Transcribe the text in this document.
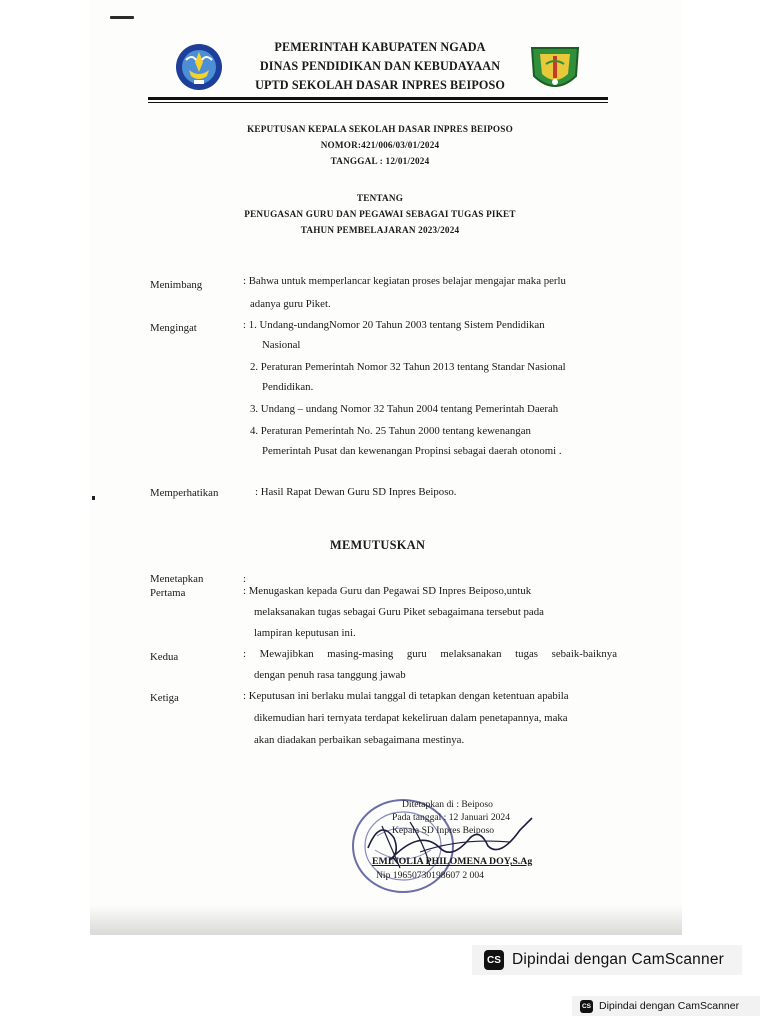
PEMERINTAH KABUPATEN NGADA
DINAS PENDIDIKAN DAN KEBUDAYAAN
UPTD SEKOLAH DASAR INPRES BEIPOSO
KEPUTUSAN KEPALA SEKOLAH DASAR INPRES BEIPOSO
NOMOR:421/006/03/01/2024
TANGGAL : 12/01/2024
TENTANG
PENUGASAN GURU DAN PEGAWAI SEBAGAI TUGAS PIKET
TAHUN PEMBELAJARAN 2023/2024
Menimbang	: Bahwa untuk memperlancar kegiatan proses belajar mengajar maka perlu
adanya guru Piket.
Mengingat	: 1. Undang-undangNomor 20 Tahun 2003 tentang Sistem Pendidikan
Nasional
2. Peraturan Pemerintah Nomor 32 Tahun 2013 tentang Standar Nasional
Pendidikan.
3. Undang – undang Nomor 32 Tahun 2004 tentang Pemerintah Daerah
4. Peraturan Pemerintah No. 25 Tahun 2000 tentang kewenangan
Pemerintah Pusat dan kewenangan Propinsi sebagai daerah otonomi .
Memperhatikan	: Hasil Rapat Dewan Guru SD Inpres Beiposo.
MEMUTUSKAN
Menetapkan	:
Pertama	: Menugaskan kepada Guru dan Pegawai SD Inpres Beiposo,untuk
melaksanakan tugas sebagai Guru Piket sebagaimana tersebut pada
lampiran keputusan ini.
Kedua	: Mewajibkan masing-masing guru melaksanakan tugas sebaik-baiknya
dengan penuh rasa tanggung jawab
Ketiga	: Keputusan ini berlaku mulai tanggal di tetapkan dengan ketentuan apabila
dikemudian hari ternyata terdapat kekeliruan dalam penetapannya, maka
akan diadakan perbaikan sebagaimana mestinya.
Ditetapkan di : Beiposo
Pada tanggal : 12 Januari 2024
Kepala SD Inpres Beiposo
EMINOLIA PHILOMENA DOY,S.Ag
Nip 19650730198607 2 004
CS Dipindai dengan CamScanner
CS Dipindai dengan CamScanner
